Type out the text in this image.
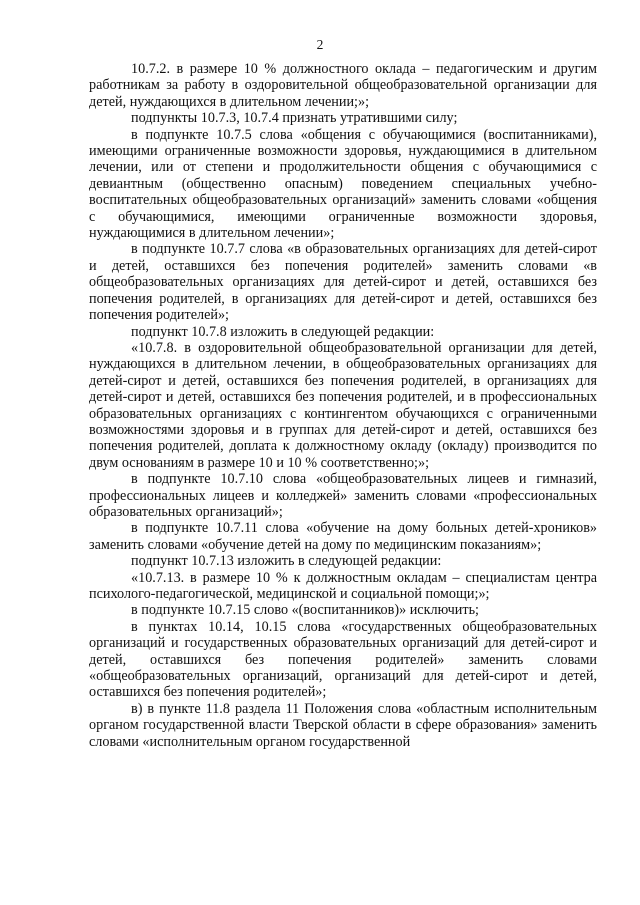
2

10.7.2. в размере 10 % должностного оклада – педагогическим и другим работникам за работу в оздоровительной общеобразовательной организации для детей, нуждающихся в длительном лечении;»;

подпункты 10.7.3, 10.7.4 признать утратившими силу;

в подпункте 10.7.5 слова «общения с обучающимися (воспитанниками), имеющими ограниченные возможности здоровья, нуждающимися в длительном лечении, или от степени и продолжительности общения с обучающимися с девиантным (общественно опасным) поведением специальных учебно-воспитательных общеобразовательных организаций» заменить словами «общения с обучающимися, имеющими ограниченные возможности здоровья, нуждающимися в длительном лечении»;

в подпункте 10.7.7 слова «в образовательных организациях для детей-сирот и детей, оставшихся без попечения родителей» заменить словами «в общеобразовательных организациях для детей-сирот и детей, оставшихся без попечения родителей, в организациях для детей-сирот и детей, оставшихся без попечения родителей»;

подпункт 10.7.8 изложить в следующей редакции:

«10.7.8. в оздоровительной общеобразовательной организации для детей, нуждающихся в длительном лечении, в общеобразовательных организациях для детей-сирот и детей, оставшихся без попечения родителей, в организациях для детей-сирот и детей, оставшихся без попечения родителей, и в профессиональных образовательных организациях с контингентом обучающихся с ограниченными возможностями здоровья и в группах для детей-сирот и детей, оставшихся без попечения родителей, доплата к должностному окладу (окладу) производится по двум основаниям в размере 10 и 10 % соответственно;»;

в подпункте 10.7.10 слова «общеобразовательных лицеев и гимназий, профессиональных лицеев и колледжей» заменить словами «профессиональных образовательных организаций»;

в подпункте 10.7.11 слова «обучение на дому больных детей-хроников» заменить словами «обучение детей на дому по медицинским показаниям»;

подпункт 10.7.13 изложить в следующей редакции:

«10.7.13. в размере 10 % к должностным окладам – специалистам центра психолого-педагогической, медицинской и социальной помощи;»;

в подпункте 10.7.15 слово «(воспитанников)» исключить;

в пунктах 10.14, 10.15 слова «государственных общеобразовательных организаций и государственных образовательных организаций для детей-сирот и детей, оставшихся без попечения родителей» заменить словами «общеобразовательных организаций, организаций для детей-сирот и детей, оставшихся без попечения родителей»;

в) в пункте 11.8 раздела 11 Положения слова «областным исполнительным органом государственной власти Тверской области в сфере образования» заменить словами «исполнительным органом государственной
